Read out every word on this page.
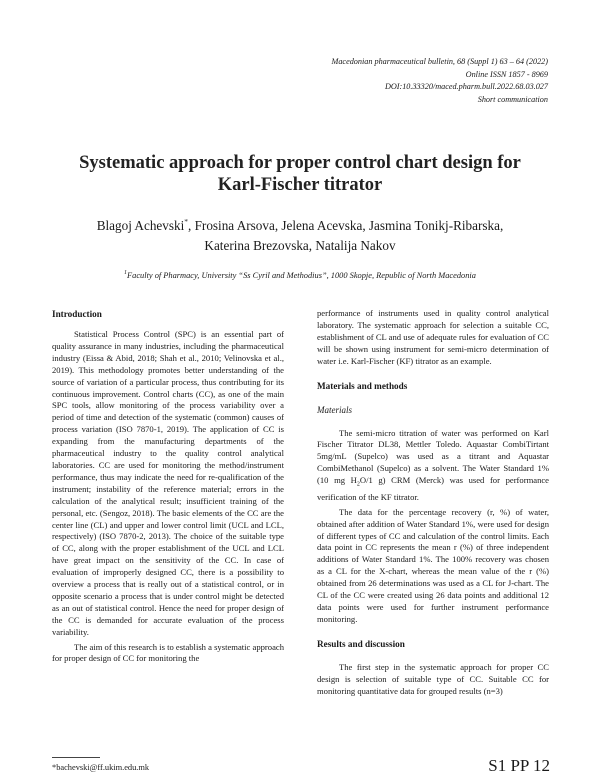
Macedonian pharmaceutical bulletin, 68 (Suppl 1) 63 – 64 (2022)
Online ISSN 1857 - 8969
DOI:10.33320/maced.pharm.bull.2022.68.03.027
Short communication
Systematic approach for proper control chart design for
Karl-Fischer titrator
Blagoj Achevski*, Frosina Arsova, Jelena Acevska, Jasmina Tonikj-Ribarska,
Katerina Brezovska, Natalija Nakov
$^1$Faculty of Pharmacy, University “Ss Cyril and Methodius”, 1000 Skopje, Republic of North Macedonia
Introduction

Statistical Process Control (SPC) is an essential part of quality assurance in many industries, including the pharmaceutical industry (Eissa & Abid, 2018; Shah et al., 2010; Velinovska et al., 2019). This methodology promotes better understanding of the source of variation of a particular process, thus contributing for its continuous improvement. Control charts (CC), as one of the main SPC tools, allow monitoring of the process variability over a period of time and detection of the systematic (common) causes of process variation (ISO 7870-1, 2019). The application of CC is expanding from the manufacturing departments of the pharmaceutical industry to the quality control analytical laboratories. CC are used for monitoring the method/instrument performance, thus may indicate the need for re-qualification of the instrument; instability of the reference material; errors in the calculation of the analytical result; insufficient training of the personal, etc. (Sengoz, 2018). The basic elements of the CC are the center line (CL) and upper and lower control limit (UCL and LCL, respectively) (ISO 7870-2, 2013). The choice of the suitable type of CC, along with the proper establishment of the UCL and LCL have great impact on the sensitivity of the CC. In case of evaluation of improperly designed CC, there is a possibility to overview a process that is really out of a statistical control, or in opposite scenario a process that is under control might be detected as an out of statistical control. Hence the need for proper design of the CC is demanded for accurate evaluation of the process variability.

The aim of this research is to establish a systematic approach for proper design of CC for monitoring the

performance of instruments used in quality control analytical laboratory. The systematic approach for selection a suitable CC, establishment of CL and use of adequate rules for evaluation of CC will be shown using instrument for semi-micro determination of water i.e. Karl-Fischer (KF) titrator as an example.

Materials and methods
Materials

The semi-micro titration of water was performed on Karl Fischer Titrator DL38, Mettler Toledo. Aquastar CombiTirtant 5mg/mL (Supelco) was used as a titrant and Aquastar CombiMethanol (Supelco) as a solvent. The Water Standard 1% (10 mg $H_2O/1$ g) CRM (Merck) was used for performance verification of the KF titrator.

The data for the percentage recovery (r, %) of water, obtained after addition of Water Standard 1%, were used for design of different types of CC and calculation of the control limits. Each data point in CC represents the mean r (%) of three independent additions of Water Standard 1%. The 100% recovery was chosen as a CL for the X-chart, whereas the mean value of the r (%) obtained from 26 determinations was used as a CL for J-chart. The CL of the CC were created using 26 data points and additional 12 data points were used for further instrument performance monitoring.

Results and discussion

The first step in the systematic approach for proper CC design is selection of suitable type of CC. Suitable CC for monitoring quantitative data for grouped results (n=3)

*bachevski@ff.ukim.edu.mk	S1 PP 12
